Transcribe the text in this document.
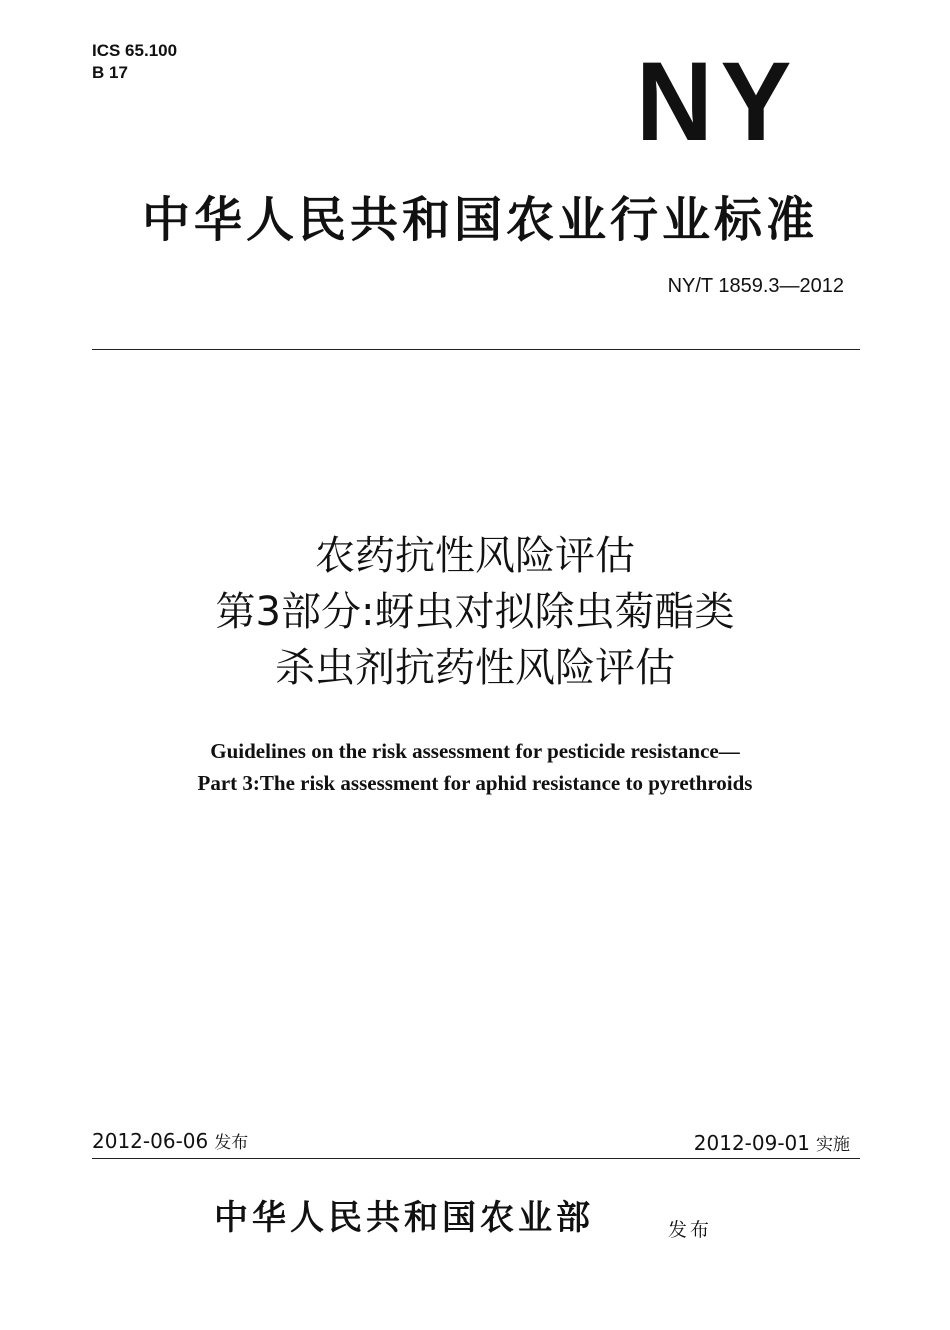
ICS 65.100
B 17	NY
中华人民共和国农业行业标准
NY/T 1859.3—2012
农药抗性风险评估
第3部分:蚜虫对拟除虫菊酯类
杀虫剂抗药性风险评估
Guidelines on the risk assessment for pesticide resistance—
Part 3:The risk assessment for aphid resistance to pyrethroids
2012-06-06 发布	2012-09-01 实施
中华人民共和国农业部	发布
